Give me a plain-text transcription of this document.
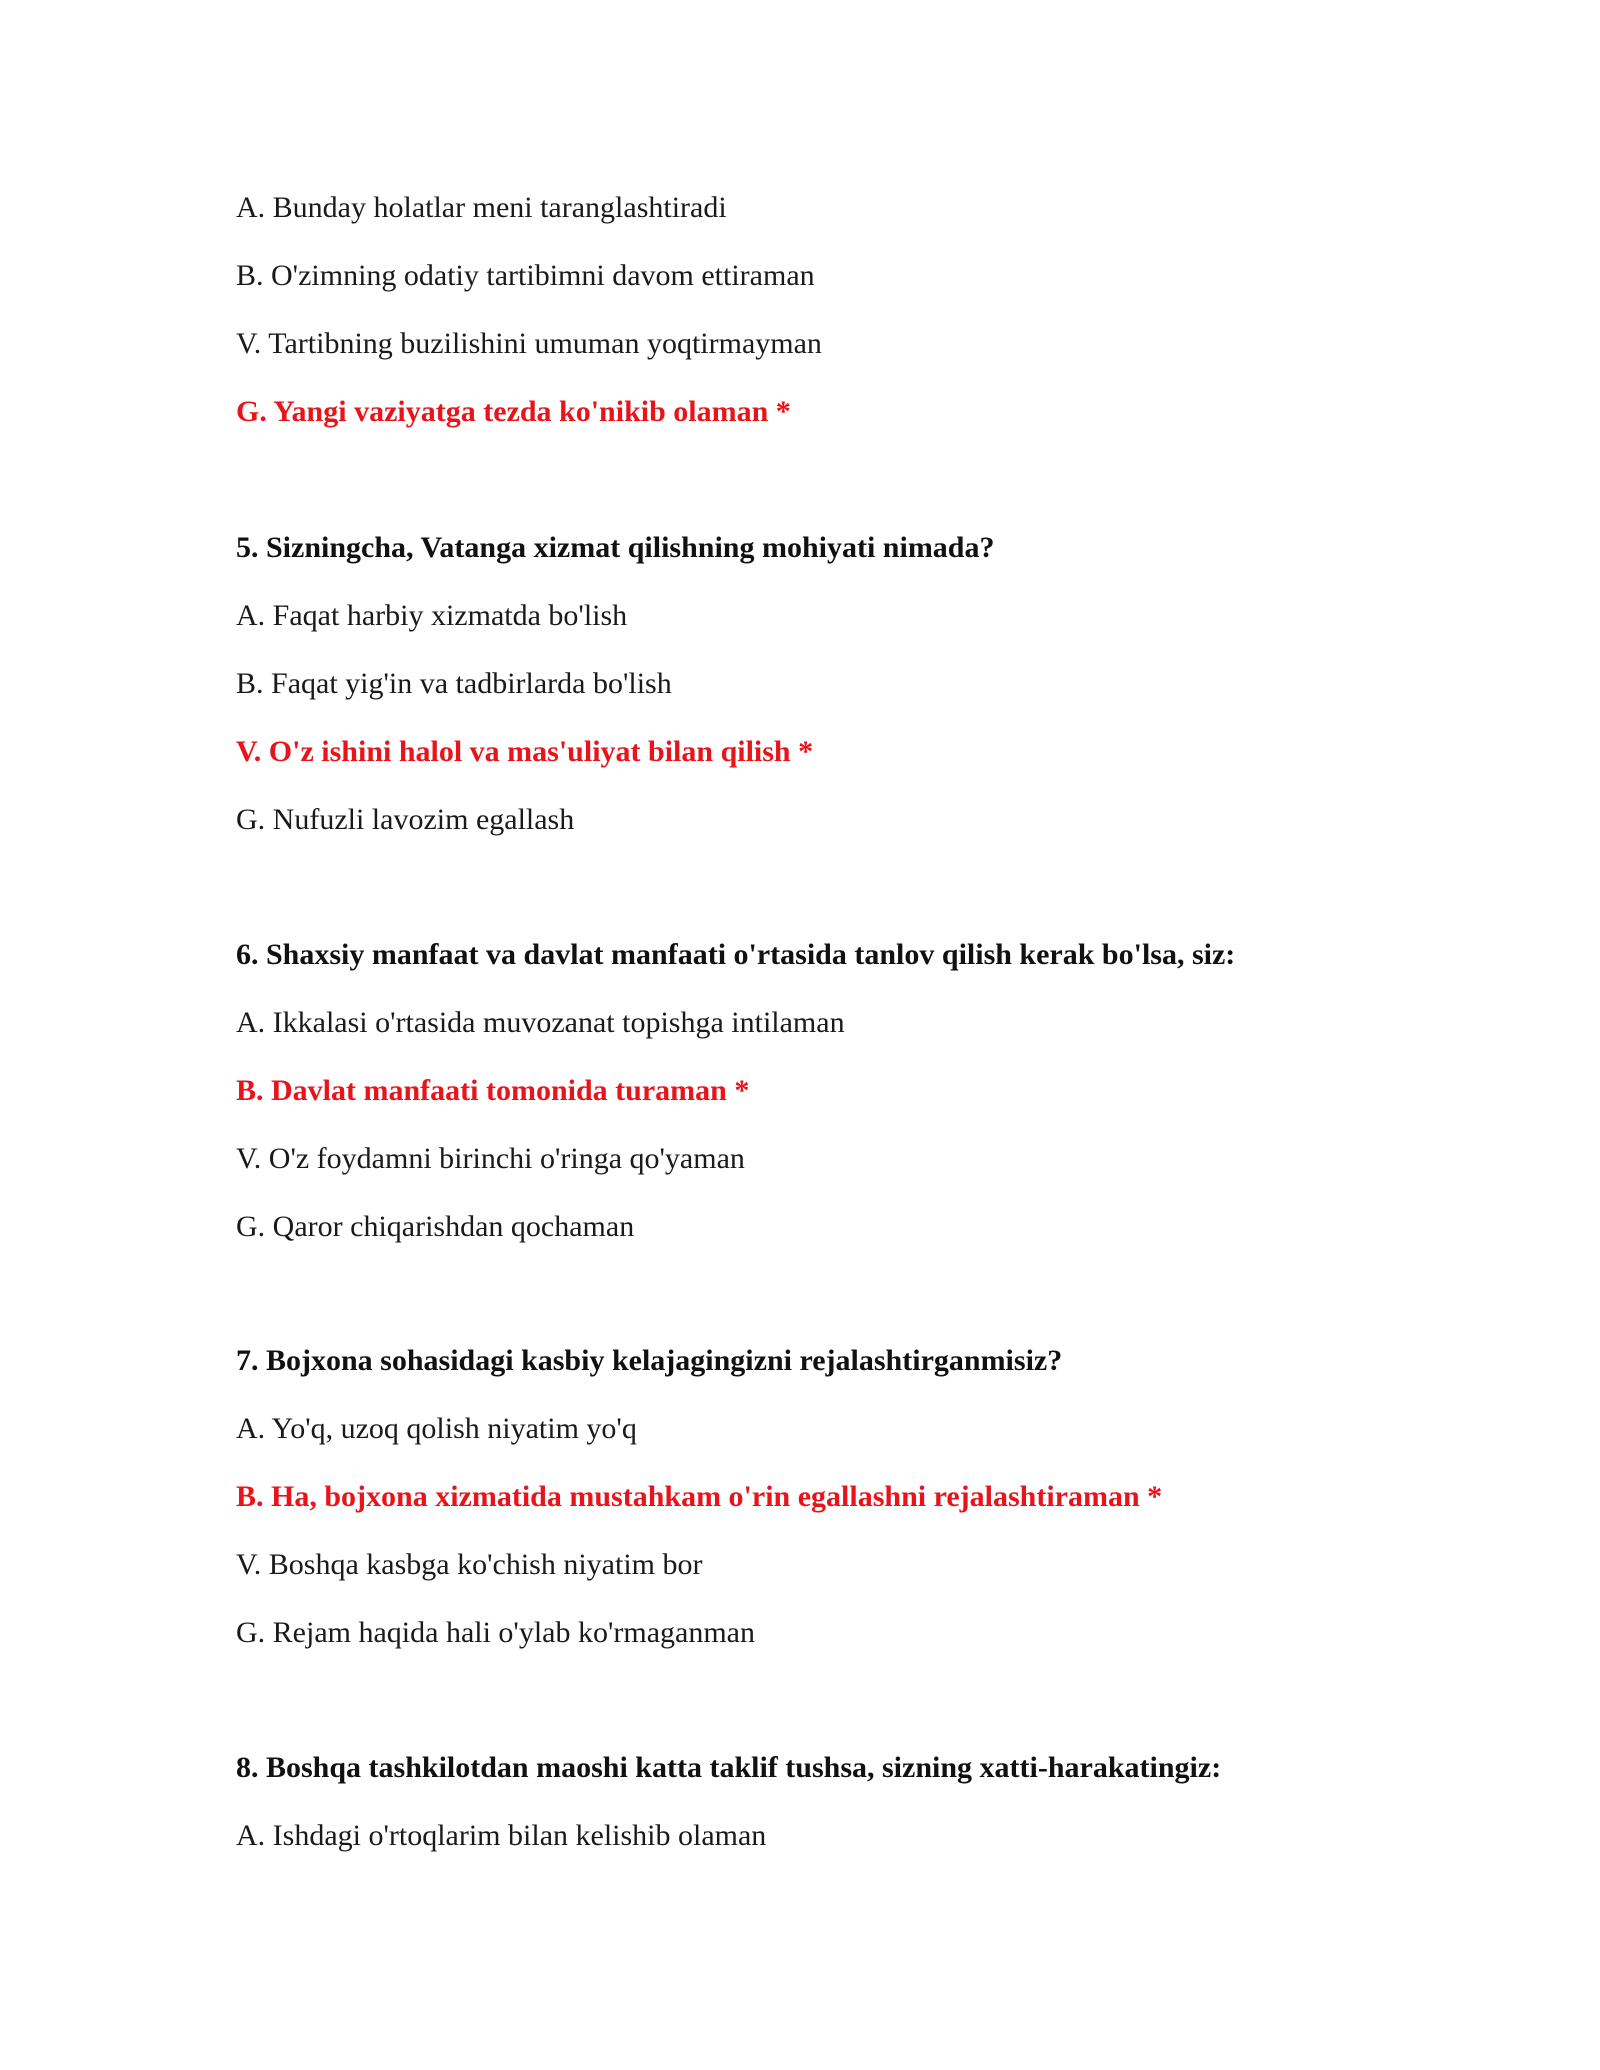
A. Bunday holatlar meni taranglashtiradi
B. O'zimning odatiy tartibimni davom ettiraman
V. Tartibning buzilishini umuman yoqtirmayman
G. Yangi vaziyatga tezda ko'nikib olaman *
5. Sizningcha, Vatanga xizmat qilishning mohiyati nimada?
A. Faqat harbiy xizmatda bo'lish
B. Faqat yig'in va tadbirlarda bo'lish
V. O'z ishini halol va mas'uliyat bilan qilish *
G. Nufuzli lavozim egallash
6. Shaxsiy manfaat va davlat manfaati o'rtasida tanlov qilish kerak bo'lsa, siz:
A. Ikkalasi o'rtasida muvozanat topishga intilaman
B. Davlat manfaati tomonida turaman *
V. O'z foydamni birinchi o'ringa qo'yaman
G. Qaror chiqarishdan qochaman
7. Bojxona sohasidagi kasbiy kelajagingizni rejalashtirganmisiz?
A. Yo'q, uzoq qolish niyatim yo'q
B. Ha, bojxona xizmatida mustahkam o'rin egallashni rejalashtiraman *
V. Boshqa kasbga ko'chish niyatim bor
G. Rejam haqida hali o'ylab ko'rmaganman
8. Boshqa tashkilotdan maoshi katta taklif tushsa, sizning xatti-harakatingiz:
A. Ishdagi o'rtoqlarim bilan kelishib olaman
